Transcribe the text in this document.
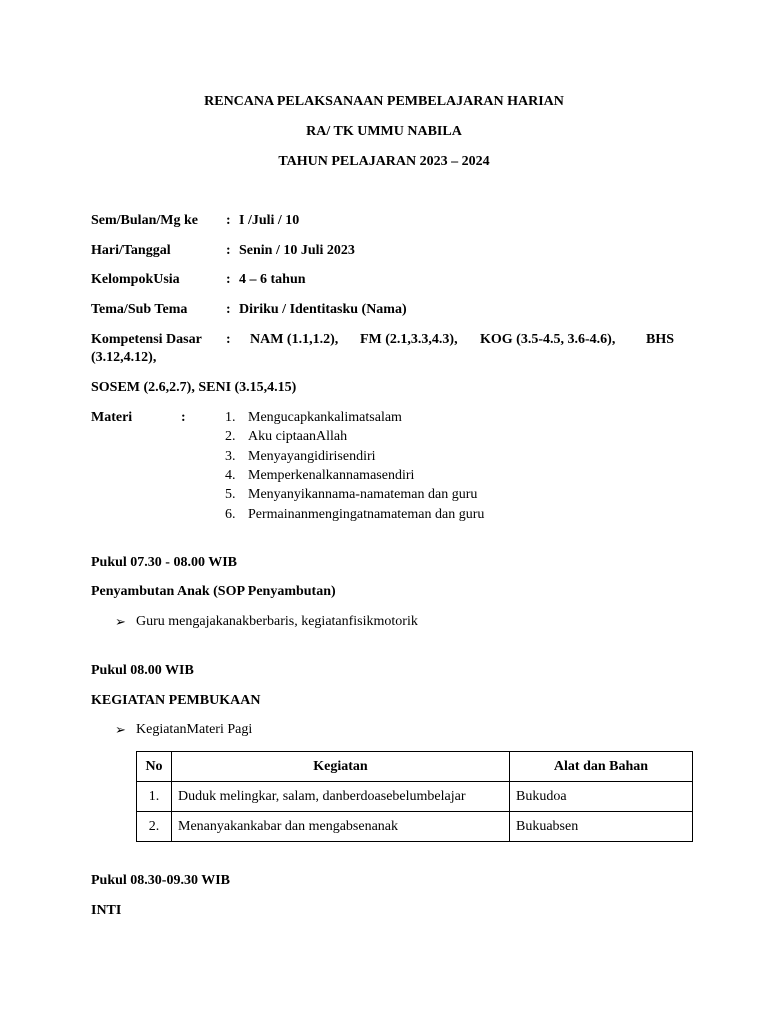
RENCANA PELAKSANAAN PEMBELAJARAN HARIAN
RA/ TK UMMU NABILA
TAHUN PELAJARAN 2023 – 2024
Sem/Bulan/Mg ke : I /Juli / 10
Hari/Tanggal	: Senin / 10 Juli 2023
KelompokUsia	: 4 – 6 tahun
Tema/Sub Tema	: Diriku / Identitasku (Nama)
Kompetensi Dasar : NAM (1.1,1.2), FM (2.1,3.3,4.3), KOG (3.5-4.5, 3.6-4.6), BHS
(3.12,4.12),
SOSEM (2.6,2.7), SENI (3.15,4.15)
Materi	:	1. Mengucapkankalimatsalam
2. Aku ciptaanAllah
3. Menyayangidirisendiri
4. Memperkenalkannamasendiri
5. Menyanyikannama-namateman dan guru
6. Permainanmengingatnamateman dan guru
Pukul 07.30 - 08.00 WIB
Penyambutan Anak (SOP Penyambutan)
➢ Guru mengajakanakberbaris, kegiatanfisikmotorik
Pukul 08.00 WIB
KEGIATAN PEMBUKAAN
➢ KegiatanMateri Pagi
No	Kegiatan	Alat dan Bahan
1.	Duduk melingkar, salam, danberdoasebelumbelajar	Bukudoa
2.	Menanyakankabar dan mengabsenanak	Bukuabsen
Pukul 08.30-09.30 WIB
INTI
